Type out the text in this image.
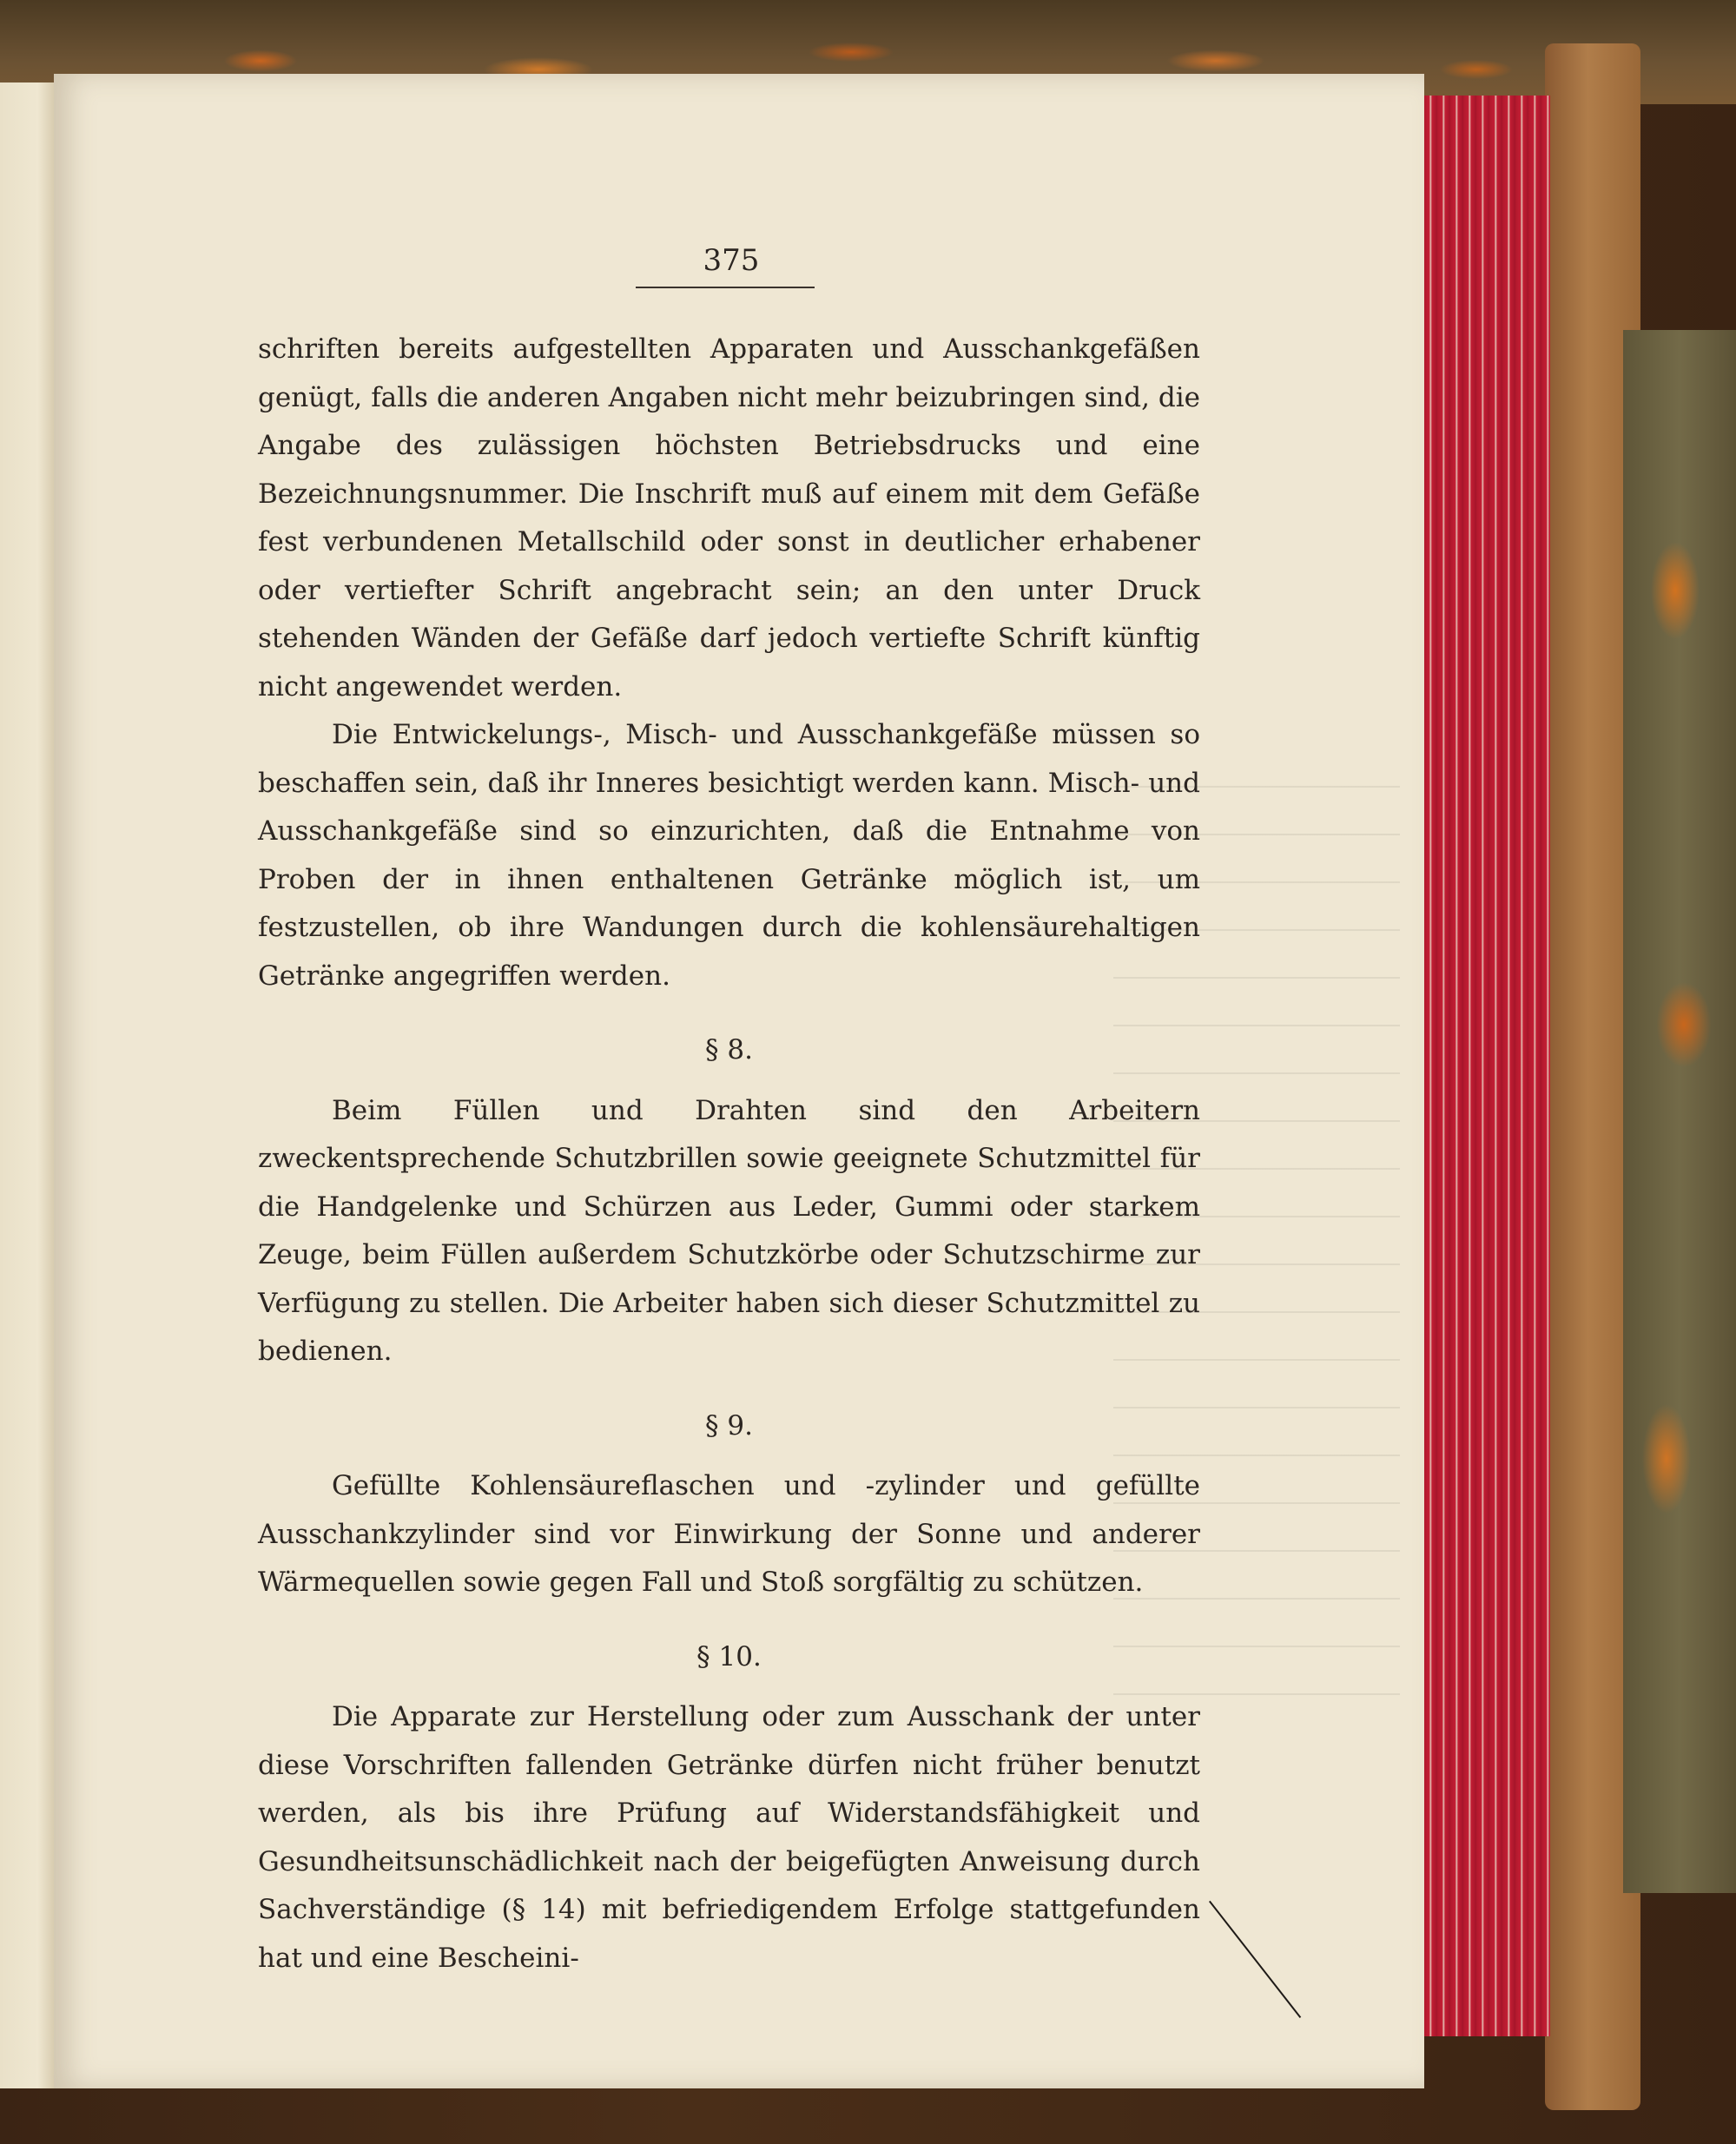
375

schriften bereits aufgestellten Apparaten und Ausschankgefäßen genügt, falls die anderen Angaben nicht mehr beizubringen sind, die Angabe des zulässigen höchsten Betriebsdrucks und eine Bezeichnungsnummer. Die Inschrift muß auf einem mit dem Gefäße fest verbundenen Metallschild oder sonst in deutlicher erhabener oder vertiefter Schrift angebracht sein; an den unter Druck stehenden Wänden der Gefäße darf jedoch vertiefte Schrift künftig nicht angewendet werden.

Die Entwickelungs-, Misch- und Ausschankgefäße müssen so beschaffen sein, daß ihr Inneres besichtigt werden kann. Misch- und Ausschankgefäße sind so einzurichten, daß die Entnahme von Proben der in ihnen enthaltenen Getränke möglich ist, um festzustellen, ob ihre Wandungen durch die kohlensäurehaltigen Getränke angegriffen werden.

§ 8.

Beim Füllen und Drahten sind den Arbeitern zweckentsprechende Schutzbrillen sowie geeignete Schutzmittel für die Handgelenke und Schürzen aus Leder, Gummi oder starkem Zeuge, beim Füllen außerdem Schutzkörbe oder Schutzschirme zur Verfügung zu stellen. Die Arbeiter haben sich dieser Schutzmittel zu bedienen.

§ 9.

Gefüllte Kohlensäureflaschen und -zylinder und gefüllte Ausschankzylinder sind vor Einwirkung der Sonne und anderer Wärmequellen sowie gegen Fall und Stoß sorgfältig zu schützen.

§ 10.

Die Apparate zur Herstellung oder zum Ausschank der unter diese Vorschriften fallenden Getränke dürfen nicht früher benutzt werden, als bis ihre Prüfung auf Widerstandsfähigkeit und Gesundheitsunschädlichkeit nach der beigefügten Anweisung durch Sachverständige (§ 14) mit befriedigendem Erfolge stattgefunden hat und eine Bescheini-
